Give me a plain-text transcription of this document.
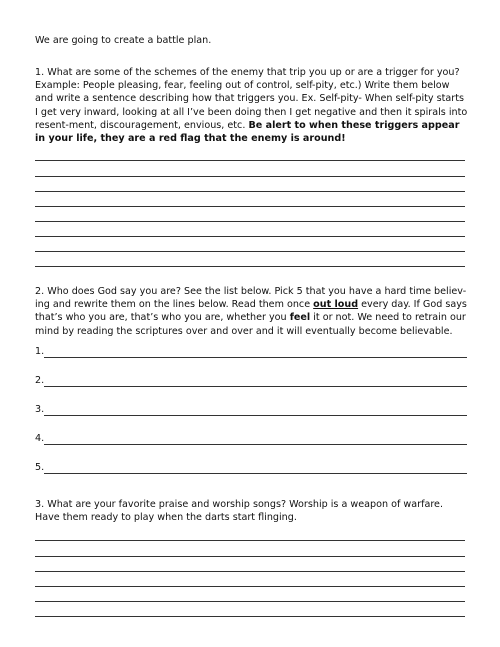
We are going to create a battle plan.
1. What are some of the schemes of the enemy that trip you up or are a trigger for you? Example: People pleasing, fear, feeling out of control, self-pity, etc.) Write them below and write a sentence describing how that triggers you. Ex. Self-pity- When self-pity starts I get very inward, looking at all I’ve been doing then I get negative and then it spirals into resent-ment, discouragement, envious, etc. Be alert to when these triggers appear in your life, they are a red flag that the enemy is around!
2. Who does God say you are? See the list below. Pick 5 that you have a hard time believ-ing and rewrite them on the lines below. Read them once out loud every day. If God says that’s who you are, that’s who you are, whether you feel it or not. We need to retrain our mind by reading the scriptures over and over and it will eventually become believable.
1.
2.
3.
4.
5.
3. What are your favorite praise and worship songs? Worship is a weapon of warfare. Have them ready to play when the darts start flinging.
